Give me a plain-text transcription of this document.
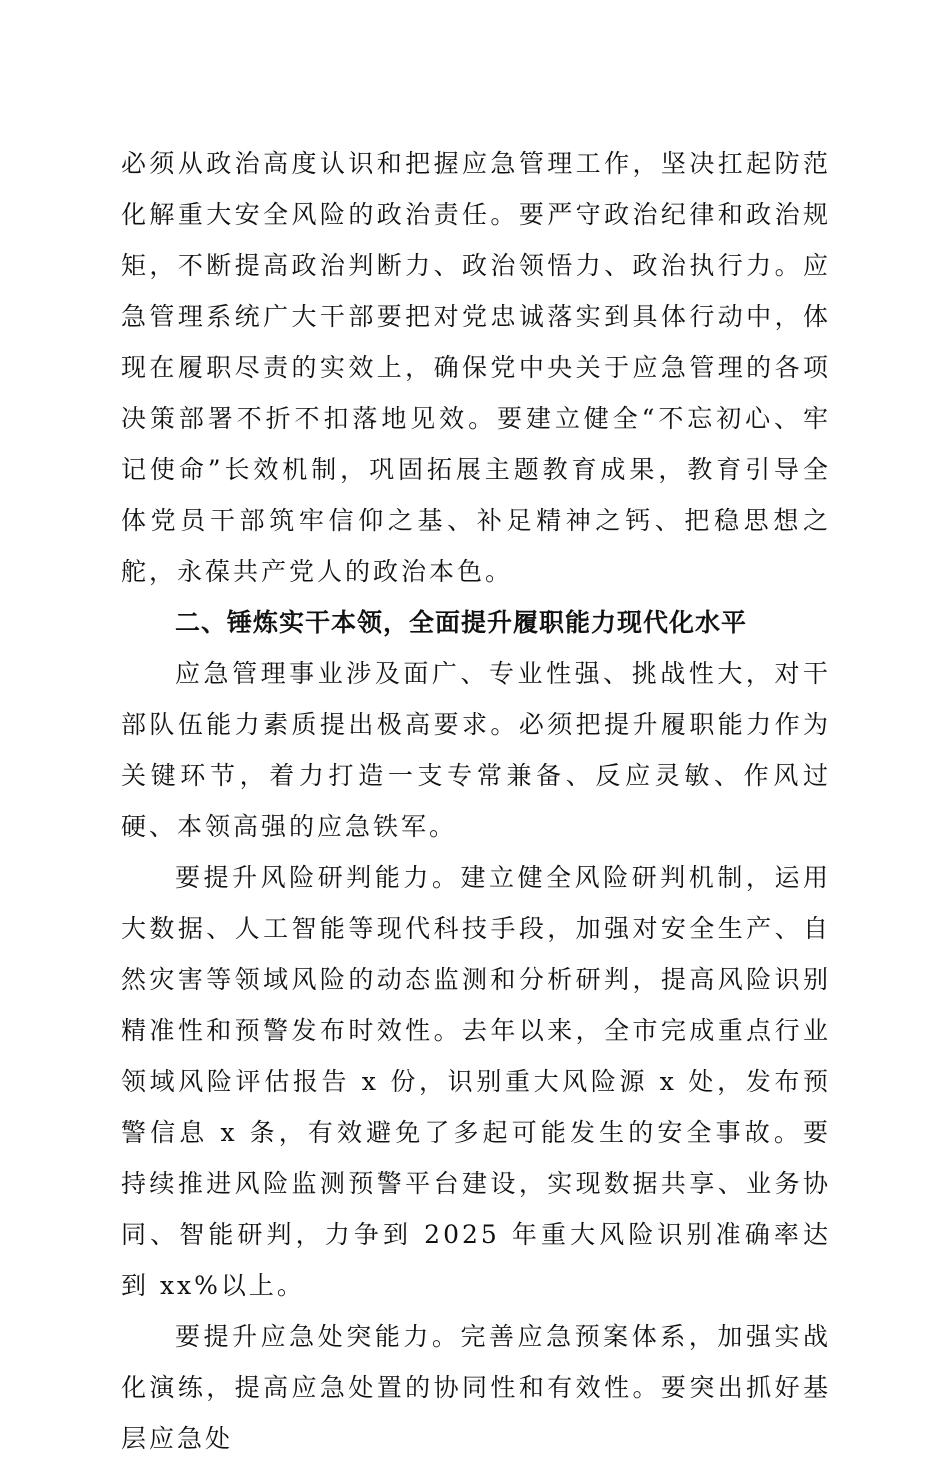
必须从政治高度认识和把握应急管理工作，坚决扛起防范化解重大安全风险的政治责任。要严守政治纪律和政治规矩，不断提高政治判断力、政治领悟力、政治执行力。应急管理系统广大干部要把对党忠诚落实到具体行动中，体现在履职尽责的实效上，确保党中央关于应急管理的各项决策部署不折不扣落地见效。要建立健全“不忘初心、牢记使命”长效机制，巩固拓展主题教育成果，教育引导全体党员干部筑牢信仰之基、补足精神之钙、把稳思想之舵，永葆共产党人的政治本色。

二、锤炼实干本领，全面提升履职能力现代化水平

应急管理事业涉及面广、专业性强、挑战性大，对干部队伍能力素质提出极高要求。必须把提升履职能力作为关键环节，着力打造一支专常兼备、反应灵敏、作风过硬、本领高强的应急铁军。

要提升风险研判能力。建立健全风险研判机制，运用大数据、人工智能等现代科技手段，加强对安全生产、自然灾害等领域风险的动态监测和分析研判，提高风险识别精准性和预警发布时效性。去年以来，全市完成重点行业领域风险评估报告 x 份，识别重大风险源 x 处，发布预警信息 x 条，有效避免了多起可能发生的安全事故。要持续推进风险监测预警平台建设，实现数据共享、业务协同、智能研判，力争到 2025 年重大风险识别准确率达到 xx%以上。

要提升应急处突能力。完善应急预案体系，加强实战化演练，提高应急处置的协同性和有效性。要突出抓好基层应急处
